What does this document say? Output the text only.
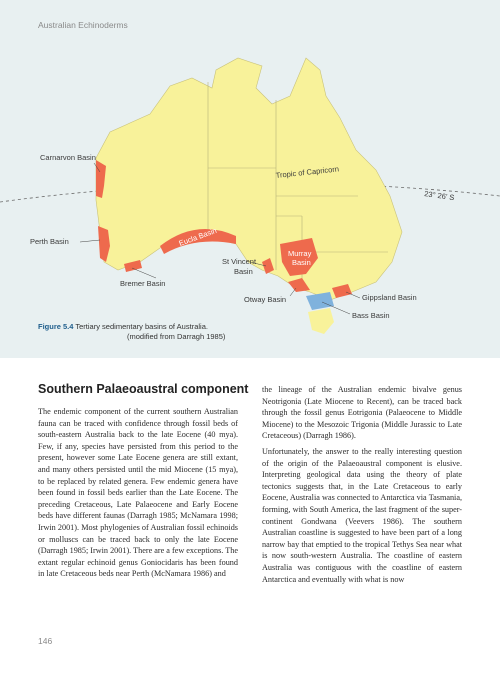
Carnarvon Basin
Tropic of Capricorn
23° 26' S
Perth Basin	Eucla Basin
St Vincent
Basin
Murray
Basin
Bremer Basin
Otway Basin	Gippsland Basin
Bass Basin
Australian Echinoderms
Figure 5.4 Tertiary sedimentary basins of Australia.
(modified from Darragh 1985)
Southern Palaeoaustral component

The endemic component of the current southern Australian fauna can be traced with confidence through fossil beds of south-eastern Australia back to the late Eocene (40 mya). Few, if any, species have persisted from this period to the present, however some Late Eocene genera are still extant, and many others persisted until the mid Miocene (15 mya), to be replaced by related genera. Few endemic genera have been found in fossil beds earlier than the Late Eocene. The preceding Cretaceous, Late Palaeocene and Early Eocene beds have different faunas (Darragh 1985; McNamara 1998; Irwin 2001). Most phylogenies of Australian fossil echinoids or molluscs can be traced back to only the late Eocene (Darragh 1985; Irwin 2001). There are a few exceptions. The extant regular echinoid genus Goniocidaris has been found in late Cretaceous beds near Perth (McNamara 1986) and

the lineage of the Australian endemic bivalve genus Neotrigonia (Late Miocene to Recent), can be traced back through the fossil genus Eotrigonia (Palaeocene to Middle Miocene) to the Mesozoic Trigonia (Middle Jurassic to Late Cretaceous) (Darragh 1986).

Unfortunately, the answer to the really interesting question of the origin of the Palaeoaustral component is elusive. Interpreting geological data using the theory of plate tectonics suggests that, in the Late Cretaceous to early Eocene, Australia was connected to Antarctica via Tasmania, forming, with South America, the last fragment of the super-continent Gondwana (Veevers 1986). The southern Australian coastline is suggested to have been part of a long narrow bay that emptied to the tropical Tethys Sea near what is now south-western Australia. The coastline of eastern Australia was contiguous with the coastline of eastern Antarctica and eventually with what is now

146
